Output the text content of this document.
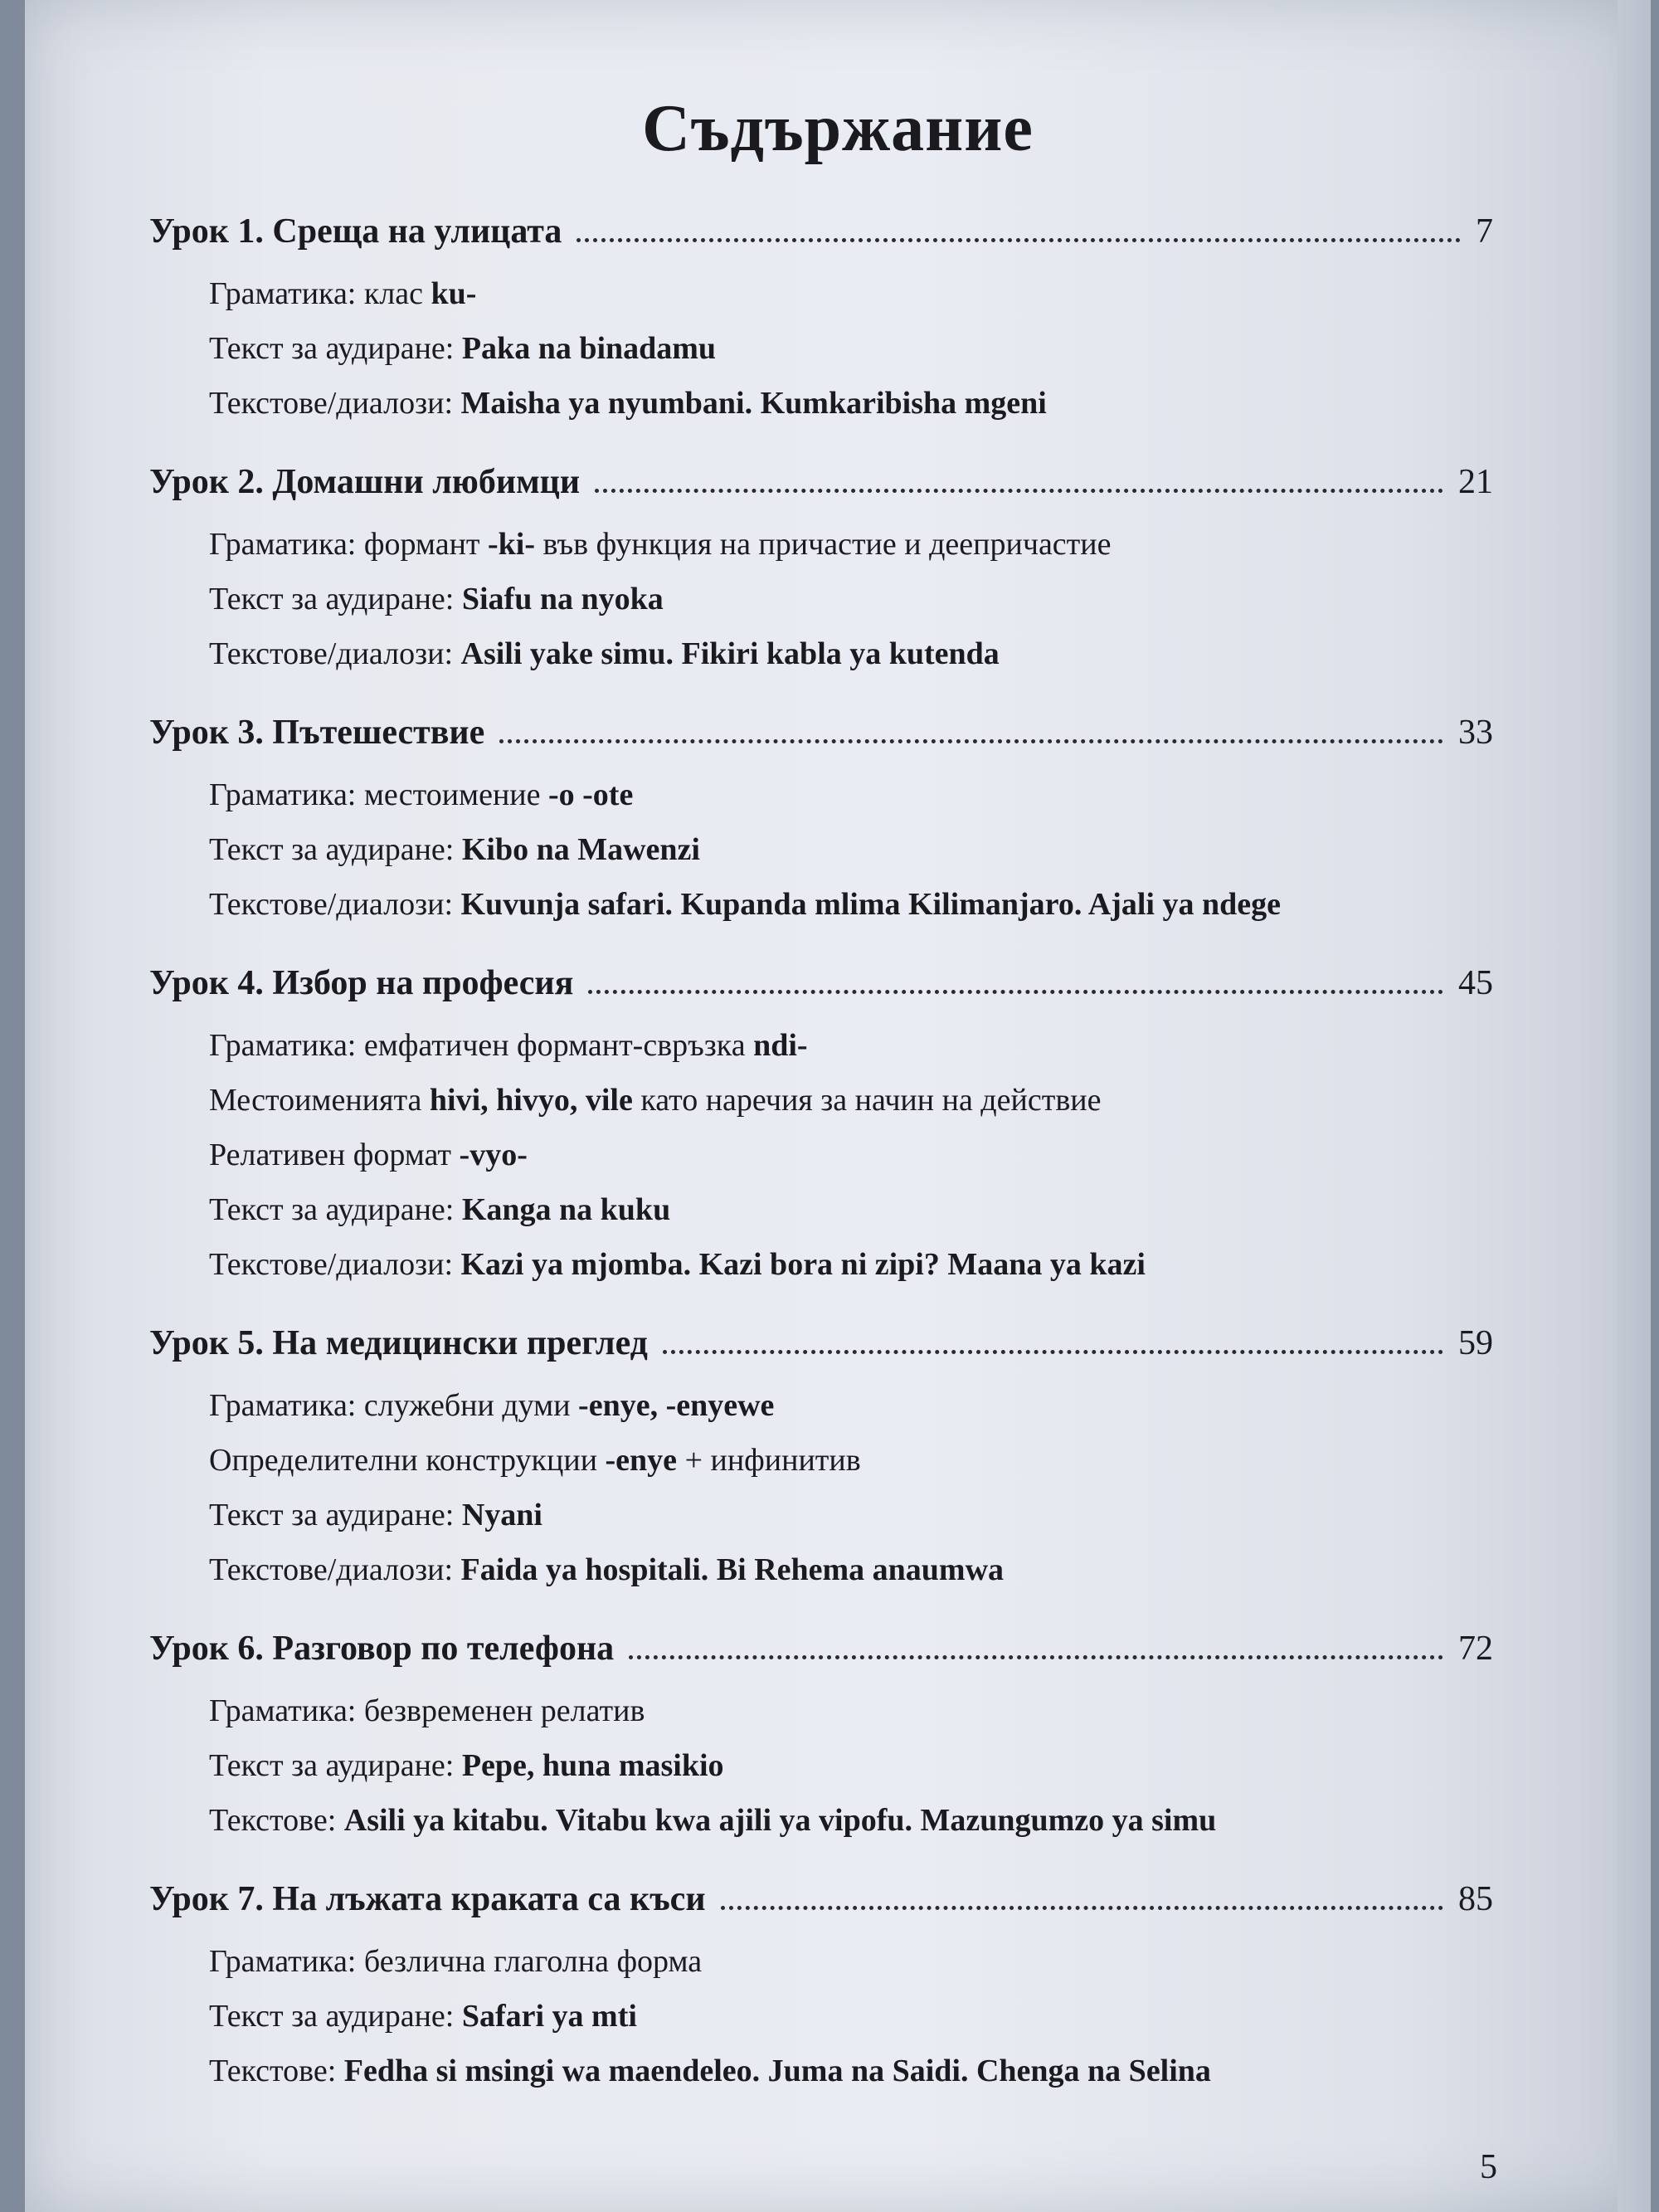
Съдържание
Урок 1. Среща на улицата	7
Граматика: клас ku-
Текст за аудиране: Paka na binadamu
Текстове/диалози: Maisha ya nyumbani. Kumkaribisha mgeni
Урок 2. Домашни любимци	21
Граматика: формант -ki- във функция на причастие и деепричастие
Текст за аудиране: Siafu na nyoka
Текстове/диалози: Asili yake simu. Fikiri kabla ya kutenda
Урок 3. Пътешествие	33
Граматика: местоимение -o -ote
Текст за аудиране: Kibo na Mawenzi
Текстове/диалози: Kuvunja safari. Kupanda mlima Kilimanjaro. Ajali ya ndege
Урок 4. Избор на професия	45
Граматика: емфатичен формант-свръзка ndi-
Местоименията hivi, hivyo, vile като наречия за начин на действие
Релативен формат -vyo-
Текст за аудиране: Kanga na kuku
Текстове/диалози: Kazi ya mjomba. Kazi bora ni zipi? Maana ya kazi
Урок 5. На медицински преглед	59
Граматика: служебни думи -enye, -enyewe
Определителни конструкции -enye + инфинитив
Текст за аудиране: Nyani
Текстове/диалози: Faida ya hospitali. Bi Rehema anaumwa
Урок 6. Разговор по телефона	72
Граматика: безвременен релатив
Текст за аудиране: Pepe, huna masikio
Текстове: Asili ya kitabu. Vitabu kwa ajili ya vipofu. Mazungumzo ya simu
Урок 7. На лъжата краката са къси	85
Граматика: безлична глаголна форма
Текст за аудиране: Safari ya mti
Текстове: Fedha si msingi wa maendeleo. Juma na Saidi. Chenga na Selina
5
